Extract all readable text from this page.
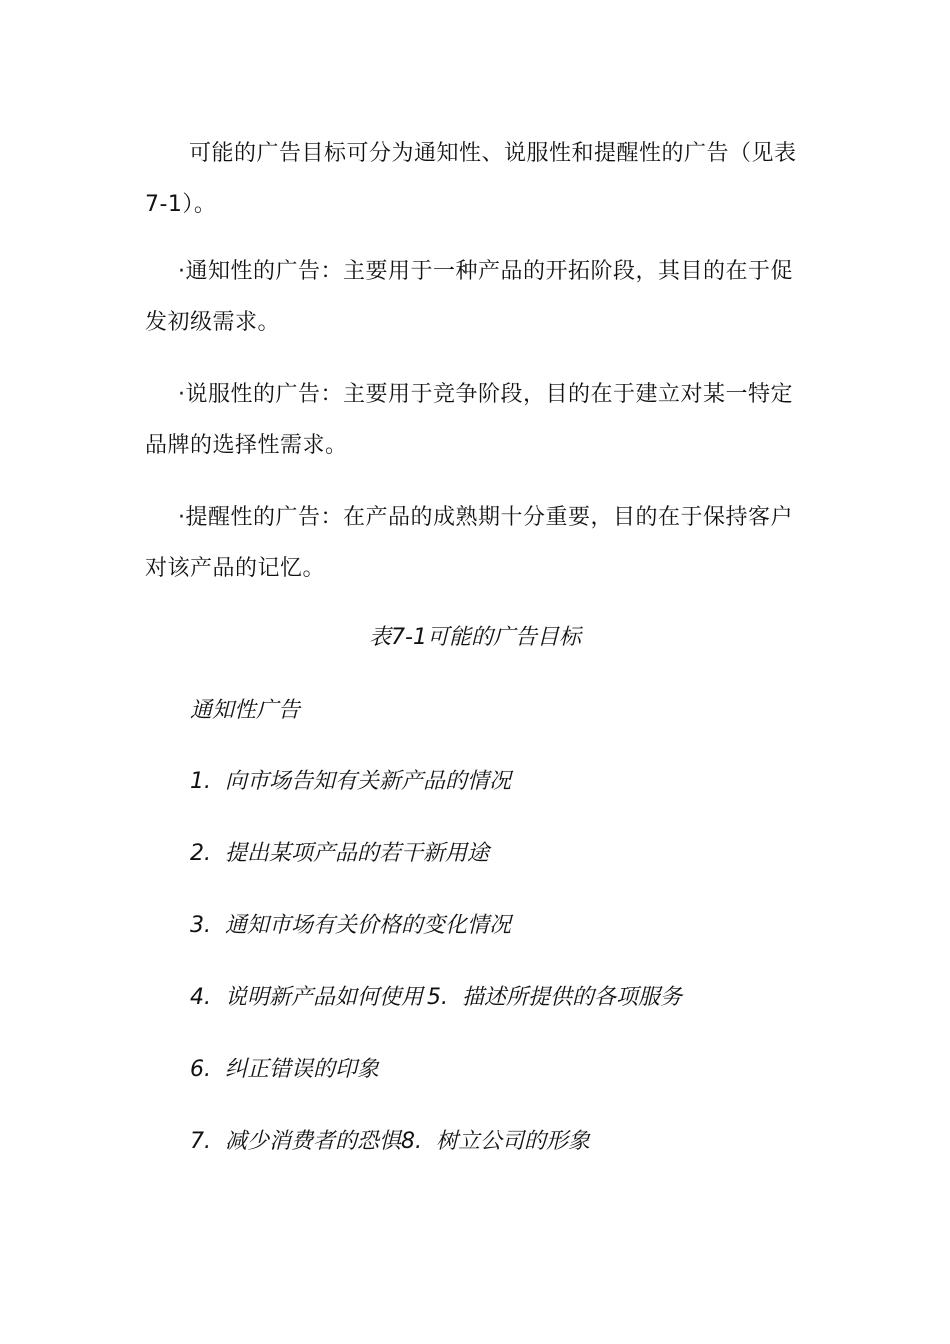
可能的广告目标可分为通知性、说服性和提醒性的广告（见表7-1）。

·通知性的广告：主要用于一种产品的开拓阶段，其目的在于促发初级需求。

·说服性的广告：主要用于竞争阶段，目的在于建立对某一特定品牌的选择性需求。

·提醒性的广告：在产品的成熟期十分重要，目的在于保持客户对该产品的记忆。

表7-1可能的广告目标

通知性广告

1. 向市场告知有关新产品的情况

2. 提出某项产品的若干新用途

3. 通知市场有关价格的变化情况

4. 说明新产品如何使用 5. 描述所提供的各项服务

6. 纠正错误的印象

7. 减少消费者的恐惧8. 树立公司的形象
